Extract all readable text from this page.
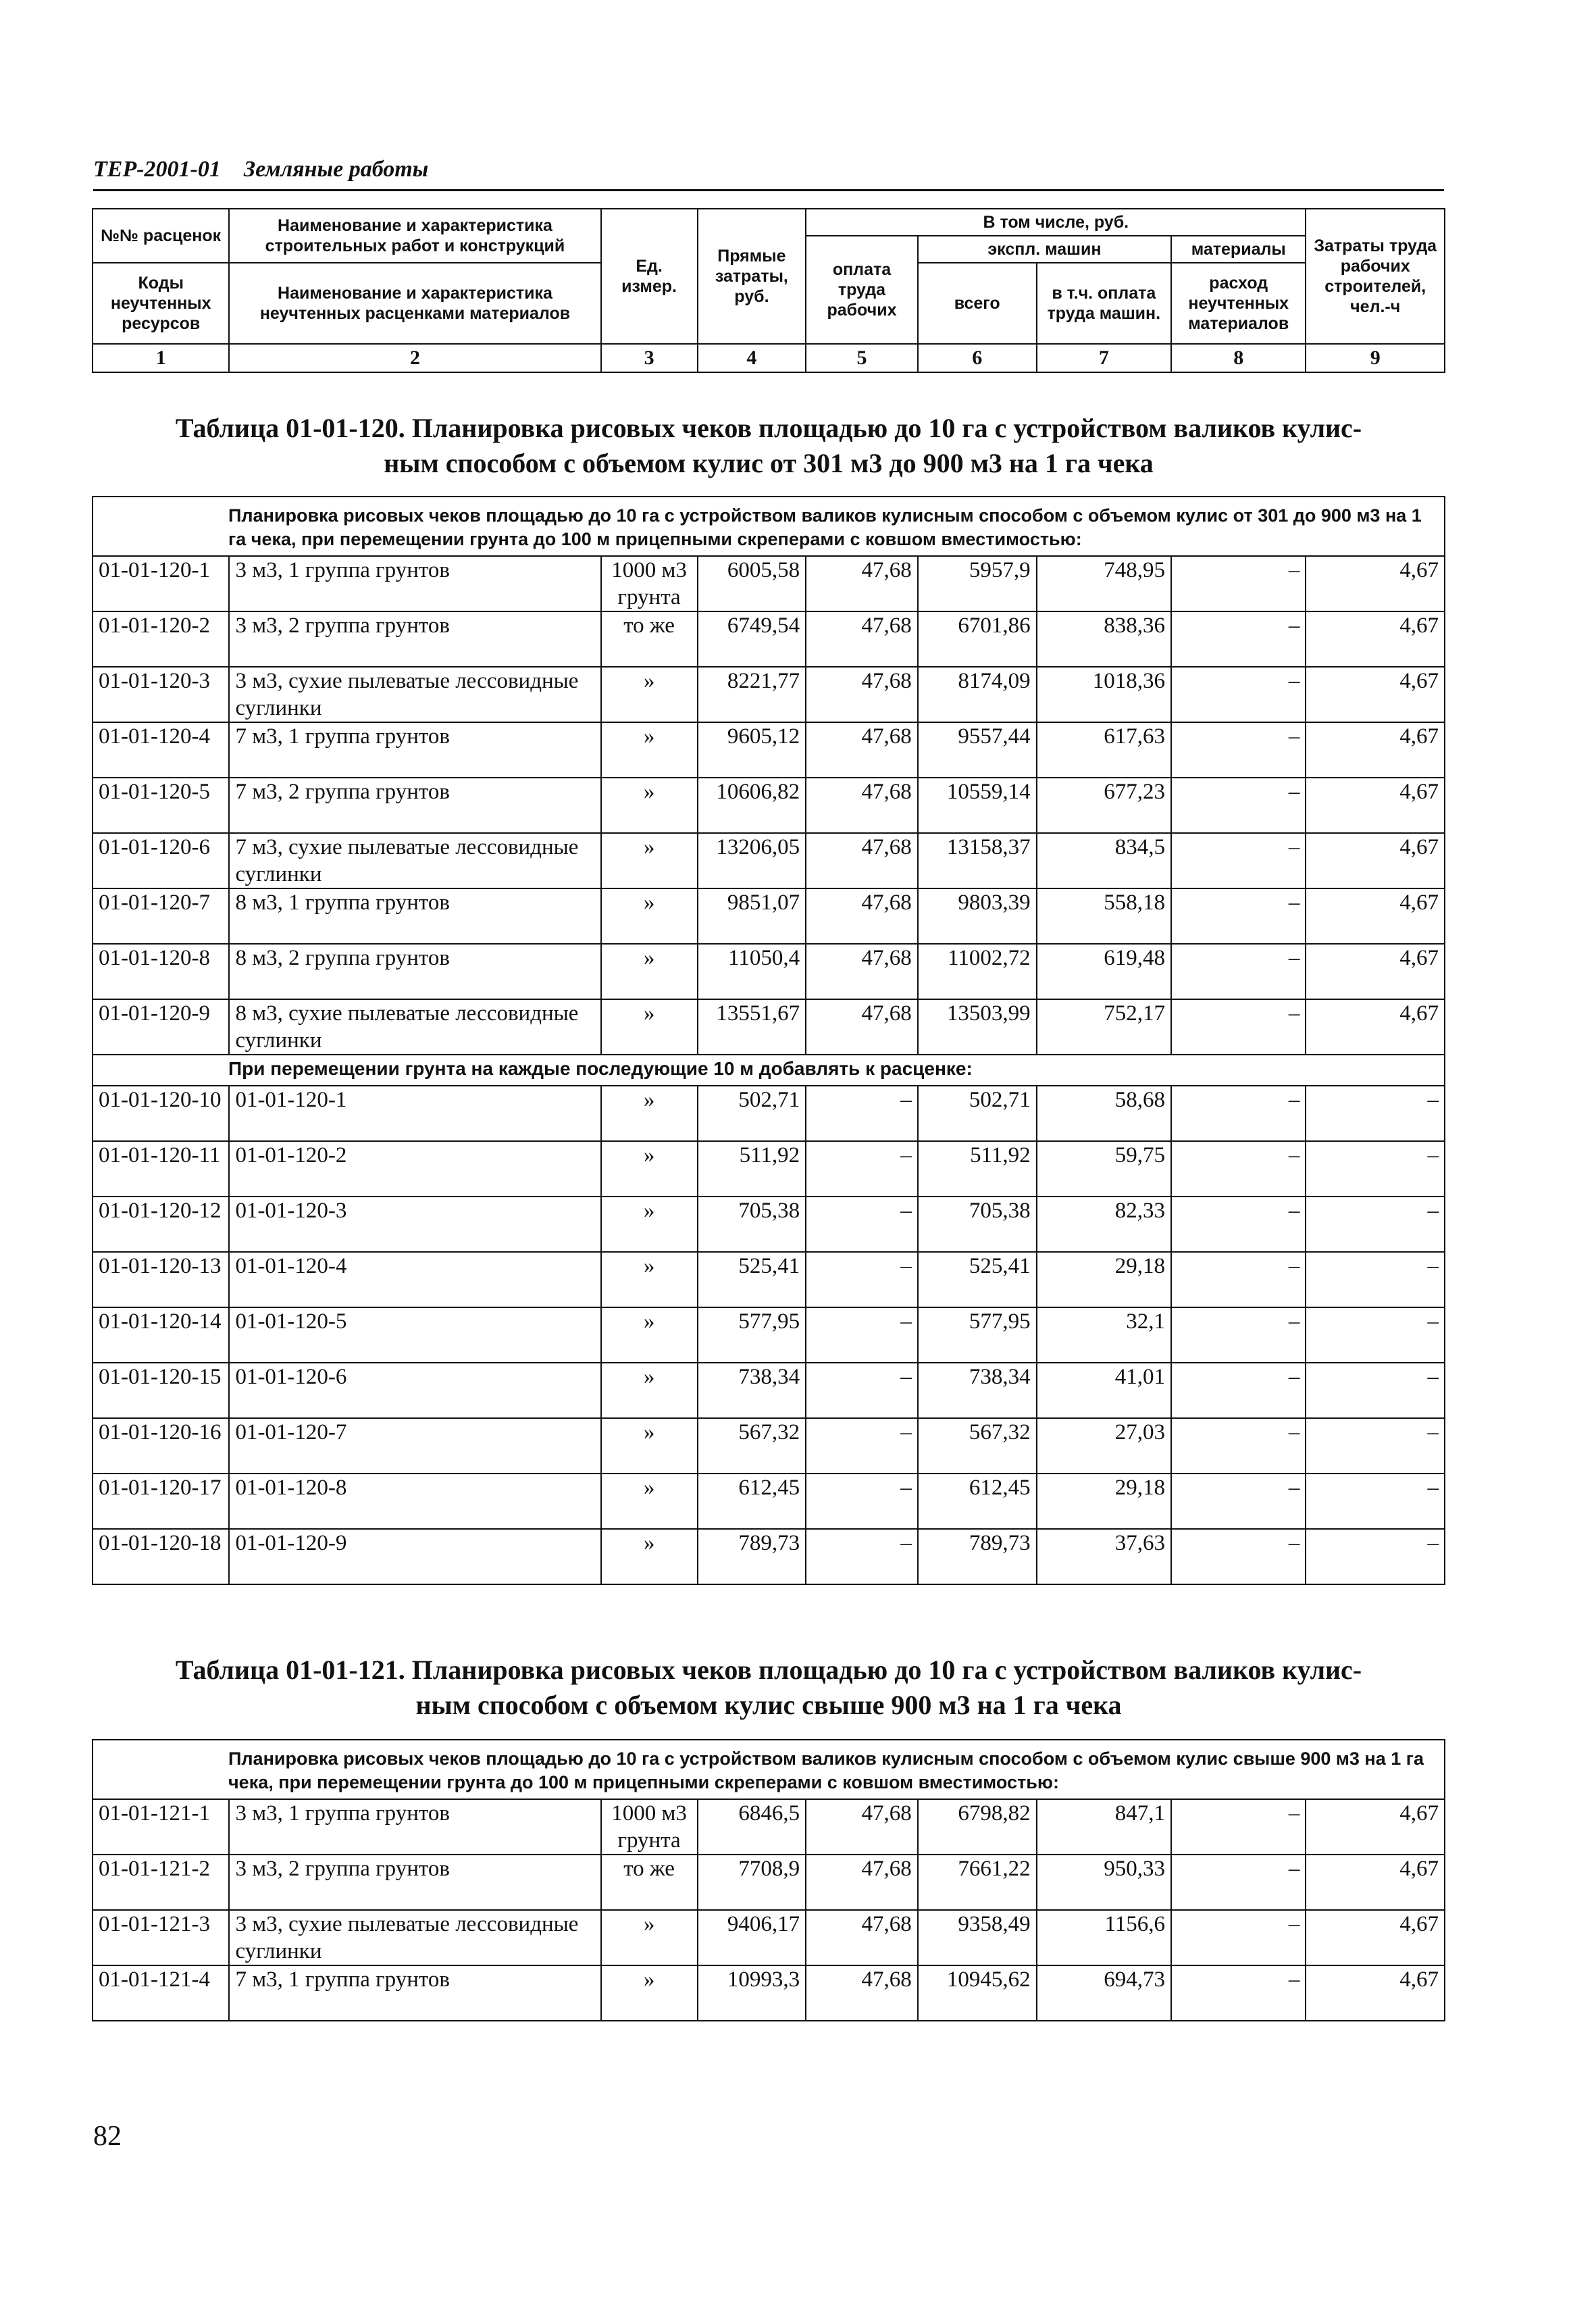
ТЕР-2001-01 Земляные работы
№№ расценок	Наименование и характеристика строительных работ и конструкций	Ед. измер.	Прямые затраты, руб.	В том числе, руб.				Затраты труда рабочих строителей, чел.-ч
				оплата труда рабочих	экспл. машин		материалы	
Коды неучтенных ресурсов	Наименование и характеристика неучтенных расценками материалов				всего	в т.ч. оплата труда машин.	расход неучтенных материалов	

1	2	3	4	5	6	7	8	9
Таблица 01-01-120. Планировка рисовых чеков площадью до 10 га с устройством валиков кулис-
ным способом с объемом кулис от 301 м3 до 900 м3 на 1 га чека
Планировка рисовых чеков площадью до 10 га с устройством валиков кулисным способом с объемом кулис от 301 до 900 м3 на 1 га чека, при перемещении грунта до 100 м прицепными скреперами с ковшом вместимостью:								
01-01-120-1	3 м3, 1 группа грунтов	1000 м3 грунта	6005,58	47,68	5957,9	748,95	–	4,67
01-01-120-2	3 м3, 2 группа грунтов	то же	6749,54	47,68	6701,86	838,36	–	4,67
01-01-120-3	3 м3, сухие пылеватые лессовидные суглинки	»	8221,77	47,68	8174,09	1018,36	–	4,67
01-01-120-4	7 м3, 1 группа грунтов	»	9605,12	47,68	9557,44	617,63	–	4,67
01-01-120-5	7 м3, 2 группа грунтов	»	10606,82	47,68	10559,14	677,23	–	4,67
01-01-120-6	7 м3, сухие пылеватые лессовидные суглинки	»	13206,05	47,68	13158,37	834,5	–	4,67
01-01-120-7	8 м3, 1 группа грунтов	»	9851,07	47,68	9803,39	558,18	–	4,67
01-01-120-8	8 м3, 2 группа грунтов	»	11050,4	47,68	11002,72	619,48	–	4,67
01-01-120-9	8 м3, сухие пылеватые лессовидные суглинки	»	13551,67	47,68	13503,99	752,17	–	4,67
При перемещении грунта на каждые последующие 10 м добавлять к расценке:								
01-01-120-10	01-01-120-1	»	502,71	–	502,71	58,68	–	–
01-01-120-11	01-01-120-2	»	511,92	–	511,92	59,75	–	–
01-01-120-12	01-01-120-3	»	705,38	–	705,38	82,33	–	–
01-01-120-13	01-01-120-4	»	525,41	–	525,41	29,18	–	–
01-01-120-14	01-01-120-5	»	577,95	–	577,95	32,1	–	–
01-01-120-15	01-01-120-6	»	738,34	–	738,34	41,01	–	–
01-01-120-16	01-01-120-7	»	567,32	–	567,32	27,03	–	–
01-01-120-17	01-01-120-8	»	612,45	–	612,45	29,18	–	–
01-01-120-18	01-01-120-9	»	789,73	–	789,73	37,63	–	–
Таблица 01-01-121. Планировка рисовых чеков площадью до 10 га с устройством валиков кулис-
ным способом с объемом кулис свыше 900 м3 на 1 га чека
Планировка рисовых чеков площадью до 10 га с устройством валиков кулисным способом с объемом кулис свыше 900 м3 на 1 га чека, при перемещении грунта до 100 м прицепными скреперами с ковшом вместимостью:								
01-01-121-1	3 м3, 1 группа грунтов	1000 м3 грунта	6846,5	47,68	6798,82	847,1	–	4,67
01-01-121-2	3 м3, 2 группа грунтов	то же	7708,9	47,68	7661,22	950,33	–	4,67
01-01-121-3	3 м3, сухие пылеватые лессовидные суглинки	»	9406,17	47,68	9358,49	1156,6	–	4,67
01-01-121-4	7 м3, 1 группа грунтов	»	10993,3	47,68	10945,62	694,73	–	4,67
82
